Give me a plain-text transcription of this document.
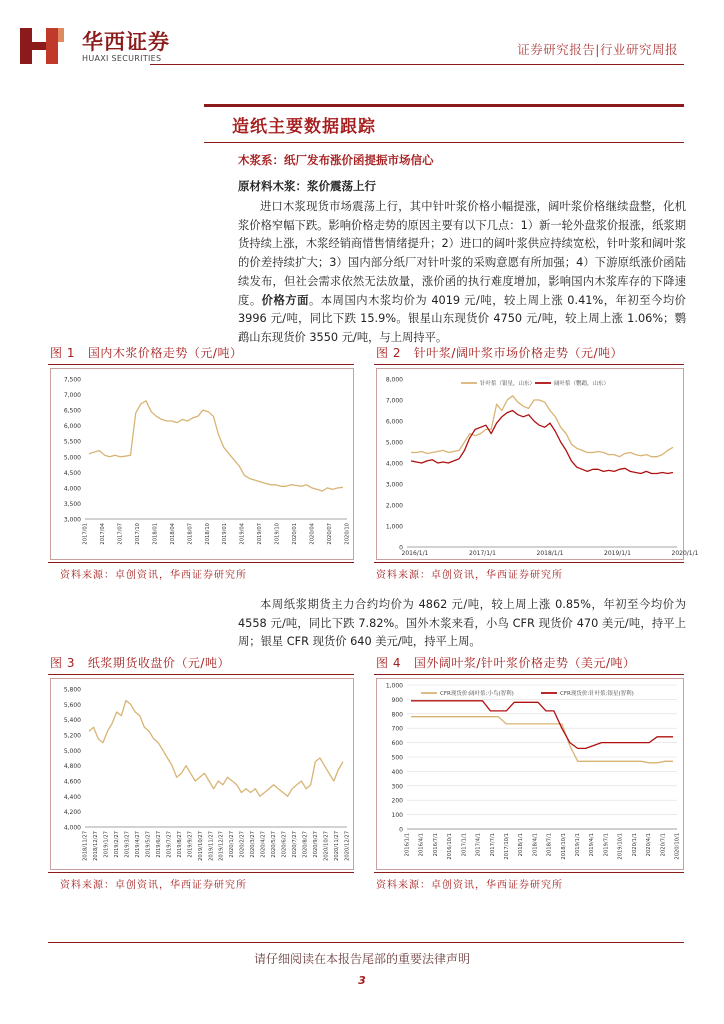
华西证券
HUAXI SECURITIES
证券研究报告|行业研究周报
造纸主要数据跟踪
木浆系：纸厂发布涨价函提振市场信心
原材料木浆：浆价震荡上行
进口木浆现货市场震荡上行，其中针叶浆价格小幅提涨，阔叶浆价格继续盘整，化机浆价格窄幅下跌。影响价格走势的原因主要有以下几点：1）新一轮外盘浆价报涨，纸浆期货持续上涨，木浆经销商惜售情绪提升；2）进口的阔叶浆供应持续宽松，针叶浆和阔叶浆的价差持续扩大；3）国内部分纸厂对针叶浆的采购意愿有所加强；4）下游原纸涨价函陆续发布，但社会需求依然无法放量，涨价函的执行难度增加，影响国内木浆库存的下降速度。价格方面。本周国内木浆均价为 4019 元/吨，较上周上涨 0.41%，年初至今均价 3996 元/吨，同比下跌 15.9%。银星山东现货价 4750 元/吨，较上周上涨 1.06%；鹦鹉山东现货价 3550 元/吨，与上周持平。
图 1 国内木浆价格走势（元/吨）	图 2 针叶浆/阔叶浆市场价格走势（元/吨）
3,000
3,500
4,000
4,500
5,000
5,500
6,000
6,500
7,000
7,500
2017/01 2017/04 2017/07 2017/10 2018/01 2018/04 2018/07 2018/10 2019/01 2019/04 2019/07 2019/10 2020/01 2020/04 2020/07 2020/10
0
1,000
2,000
3,000
4,000
5,000
6,000
7,000
8,000
2016/1/1	2017/1/1	2018/1/1	2019/1/1	2020/1/1
针叶浆（银星，山东）	阔叶浆（鹦鹉，山东）
资料来源：卓创资讯，华西证券研究所	资料来源：卓创资讯，华西证券研究所
本周纸浆期货主力合约均价为 4862 元/吨，较上周上涨 0.85%，年初至今均价为 4558 元/吨，同比下跌 7.82%。国外木浆来看，小鸟 CFR 现货价 470 美元/吨，持平上周；银星 CFR 现货价 640 美元/吨，持平上周。
图 3 纸浆期货收盘价（元/吨）	图 4 国外阔叶浆/针叶浆价格走势（美元/吨）
4,000
4,200
4,400
4,600
4,800
5,000
5,200
5,400
5,600
5,800
2018/11/27 2018/12/27 2019/1/27 2019/2/27 2019/3/27 2019/4/27 2019/5/27 2019/6/27 2019/7/27 2019/8/27 2019/9/27 2019/10/27 2019/11/27 2019/12/27 2020/1/27 2020/2/27 2020/3/27 2020/4/27 2020/5/27 2020/6/27 2020/7/27 2020/8/27 2020/9/27 2020/10/27 2020/11/27 2020/12/27
0
100
200
300
400
500
600
700
800
900
1,000
2016/1/1 2016/4/1 2016/7/1 2016/10/1 2017/1/1 2017/4/1 2017/7/1 2017/10/1 2018/1/1 2018/4/1 2018/7/1 2018/10/1 2019/1/1 2019/4/1 2019/7/1 2019/10/1 2020/1/1 2020/4/1 2020/7/1 2020/10/1
CFR现货价:阔叶浆:小鸟(智利)	CFR现货价:针叶浆:银星(智利)
资料来源：卓创资讯，华西证券研究所	资料来源：卓创资讯，华西证券研究所
请仔细阅读在本报告尾部的重要法律声明
3
